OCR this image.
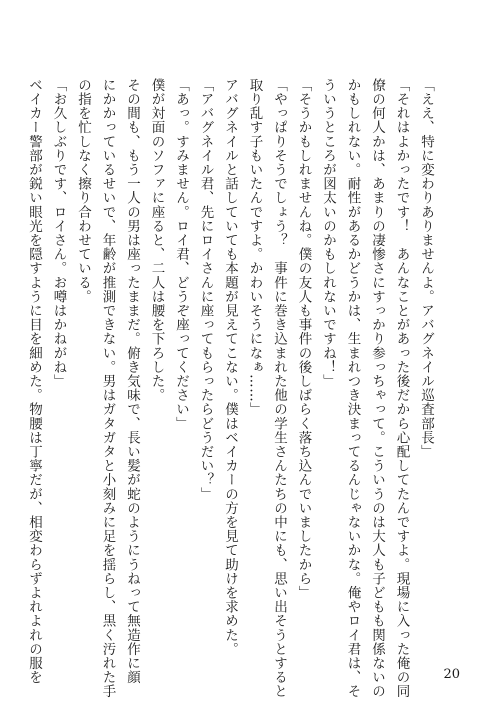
「ええ、特に変わりありませんよ。アバグネイル巡査部長」
「それはよかったです！　あんなことがあった後だから心配してたんですよ。現場に入った俺の同
僚の何人かは、あまりの凄惨さにすっかり参っちゃって。こういうのは大人も子どもも関係ないの
かもしれない。耐性があるかどうかは、生まれつき決まってるんじゃないかな。俺やロイ君は、そ
ういうところが図太いのかもしれないですね！」
「そうかもしれませんね。僕の友人も事件の後しばらく落ち込んでいましたから」
「やっぱりそうでしょう？　事件に巻き込まれた他の学生さんたちの中にも、思い出そうとすると
取り乱す子もいたんですよ。かわいそうになぁ……」
アバグネイルと話していても本題が見えてこない。僕はベイカーの方を見て助けを求めた。
「アバグネイル君、先にロイさんに座ってもらったらどうだい？」
「あっ。すみません。ロイ君、どうぞ座ってください」
僕が対面のソファに座ると、二人は腰を下ろした。
その間も、もう一人の男は座ったままだ。俯き気味で、長い髪が蛇のようにうねって無造作に顔
にかかっているせいで、年齢が推測できない。男はガタガタと小刻みに足を揺らし、黒く汚れた手
の指を忙しなく擦り合わせている。
「お久しぶりです、ロイさん。お噂はかねがね」
ベイカー警部が鋭い眼光を隠すように目を細めた。物腰は丁寧だが、相変わらずよれよれの服を	20
